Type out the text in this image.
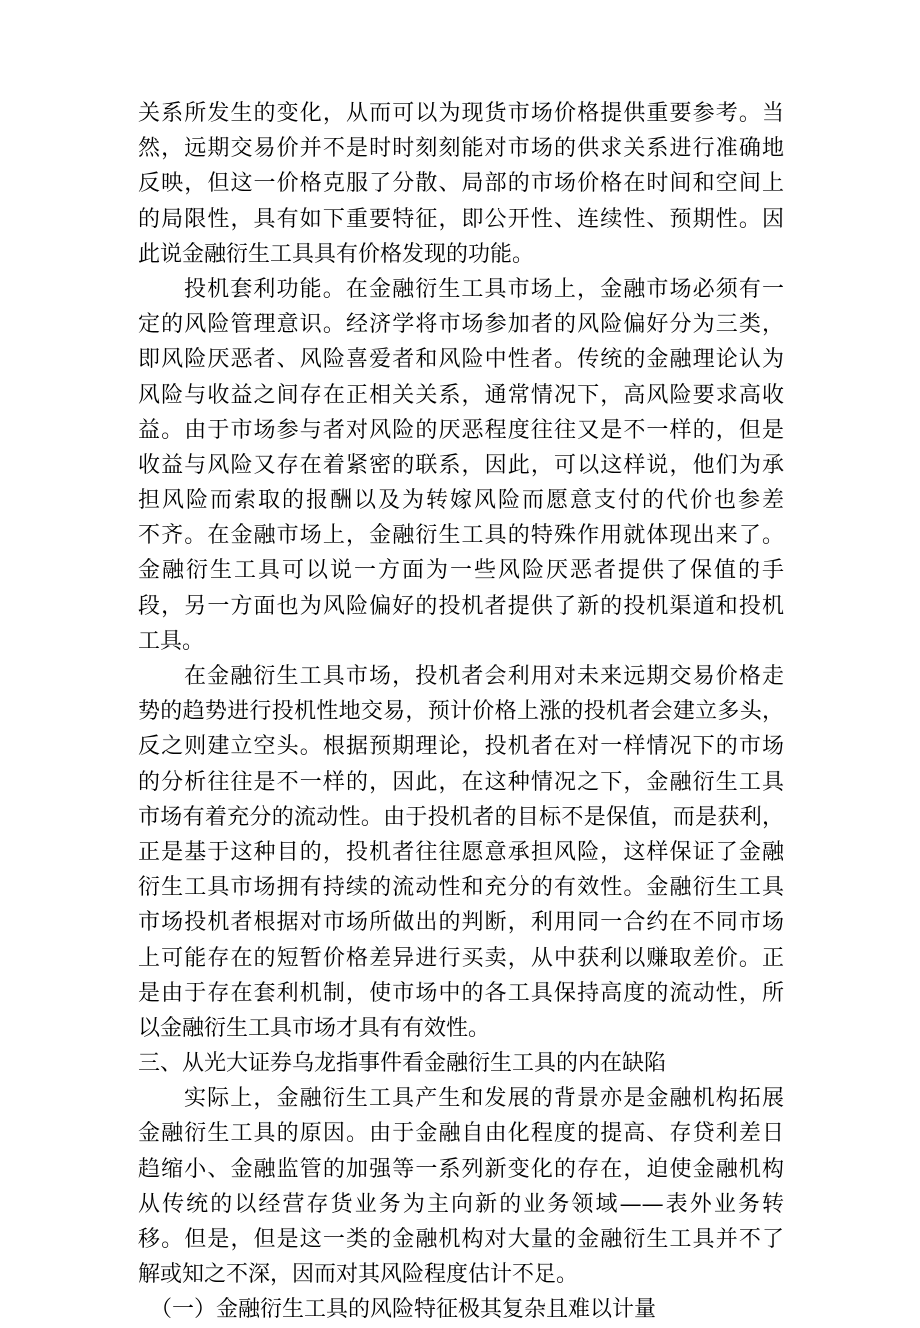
关系所发生的变化，从而可以为现货市场价格提供重要参考。当
然，远期交易价并不是时时刻刻能对市场的供求关系进行准确地
反映，但这一价格克服了分散、局部的市场价格在时间和空间上
的局限性，具有如下重要特征，即公开性、连续性、预期性。因
此说金融衍生工具具有价格发现的功能。
投机套利功能。在金融衍生工具市场上，金融市场必须有一
定的风险管理意识。经济学将市场参加者的风险偏好分为三类，
即风险厌恶者、风险喜爱者和风险中性者。传统的金融理论认为
风险与收益之间存在正相关关系，通常情况下，高风险要求高收
益。由于市场参与者对风险的厌恶程度往往又是不一样的，但是
收益与风险又存在着紧密的联系，因此，可以这样说，他们为承
担风险而索取的报酬以及为转嫁风险而愿意支付的代价也参差
不齐。在金融市场上，金融衍生工具的特殊作用就体现出来了。
金融衍生工具可以说一方面为一些风险厌恶者提供了保值的手
段，另一方面也为风险偏好的投机者提供了新的投机渠道和投机
工具。
在金融衍生工具市场，投机者会利用对未来远期交易价格走
势的趋势进行投机性地交易，预计价格上涨的投机者会建立多头，
反之则建立空头。根据预期理论，投机者在对一样情况下的市场
的分析往往是不一样的，因此，在这种情况之下，金融衍生工具
市场有着充分的流动性。由于投机者的目标不是保值，而是获利，
正是基于这种目的，投机者往往愿意承担风险，这样保证了金融
衍生工具市场拥有持续的流动性和充分的有效性。金融衍生工具
市场投机者根据对市场所做出的判断，利用同一合约在不同市场
上可能存在的短暂价格差异进行买卖，从中获利以赚取差价。正
是由于存在套利机制，使市场中的各工具保持高度的流动性，所
以金融衍生工具市场才具有有效性。
三、从光大证券乌龙指事件看金融衍生工具的内在缺陷
实际上，金融衍生工具产生和发展的背景亦是金融机构拓展
金融衍生工具的原因。由于金融自由化程度的提高、存贷利差日
趋缩小、金融监管的加强等一系列新变化的存在，迫使金融机构
从传统的以经营存货业务为主向新的业务领域——表外业务转
移。但是，但是这一类的金融机构对大量的金融衍生工具并不了
解或知之不深，因而对其风险程度估计不足。
（一）金融衍生工具的风险特征极其复杂且难以计量
